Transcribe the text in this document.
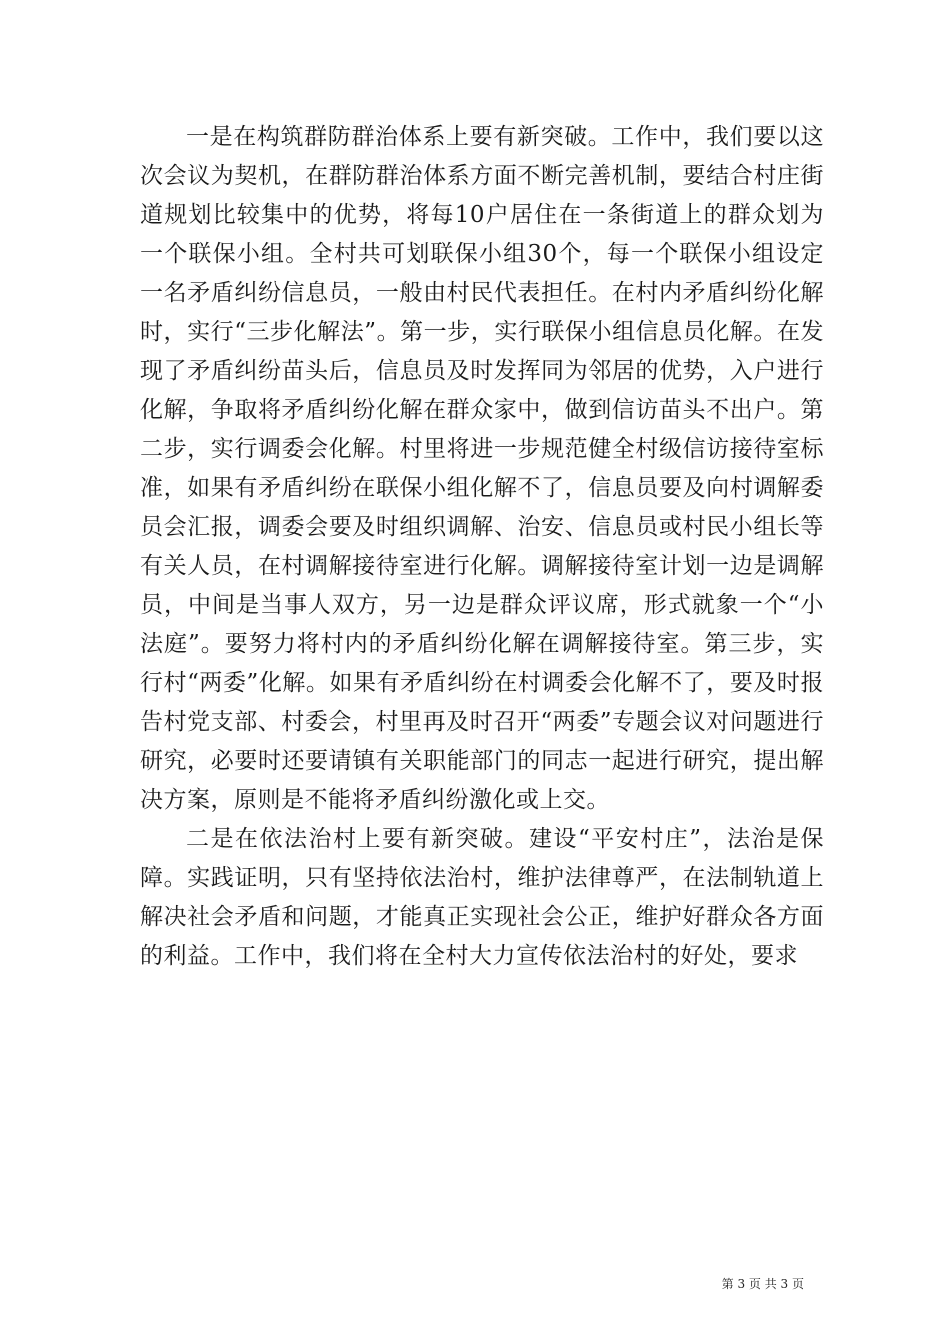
一是在构筑群防群治体系上要有新突破。工作中，我们要以这次会议为契机，在群防群治体系方面不断完善机制，要结合村庄街道规划比较集中的优势，将每10户居住在一条街道上的群众划为一个联保小组。全村共可划联保小组30个，每一个联保小组设定一名矛盾纠纷信息员，一般由村民代表担任。在村内矛盾纠纷化解时，实行“三步化解法”。第一步，实行联保小组信息员化解。在发现了矛盾纠纷苗头后，信息员及时发挥同为邻居的优势，入户进行化解，争取将矛盾纠纷化解在群众家中，做到信访苗头不出户。第二步，实行调委会化解。村里将进一步规范健全村级信访接待室标准，如果有矛盾纠纷在联保小组化解不了，信息员要及向村调解委员会汇报，调委会要及时组织调解、治安、信息员或村民小组长等有关人员，在村调解接待室进行化解。调解接待室计划一边是调解员，中间是当事人双方，另一边是群众评议席，形式就象一个“小法庭”。要努力将村内的矛盾纠纷化解在调解接待室。第三步，实行村“两委”化解。如果有矛盾纠纷在村调委会化解不了，要及时报告村党支部、村委会，村里再及时召开“两委”专题会议对问题进行研究，必要时还要请镇有关职能部门的同志一起进行研究，提出解决方案，原则是不能将矛盾纠纷激化或上交。

二是在依法治村上要有新突破。建设“平安村庄”，法治是保障。实践证明，只有坚持依法治村，维护法律尊严，在法制轨道上解决社会矛盾和问题，才能真正实现社会公正，维护好群众各方面的利益。工作中，我们将在全村大力宣传依法治村的好处，要求

第 3 页 共 3 页
